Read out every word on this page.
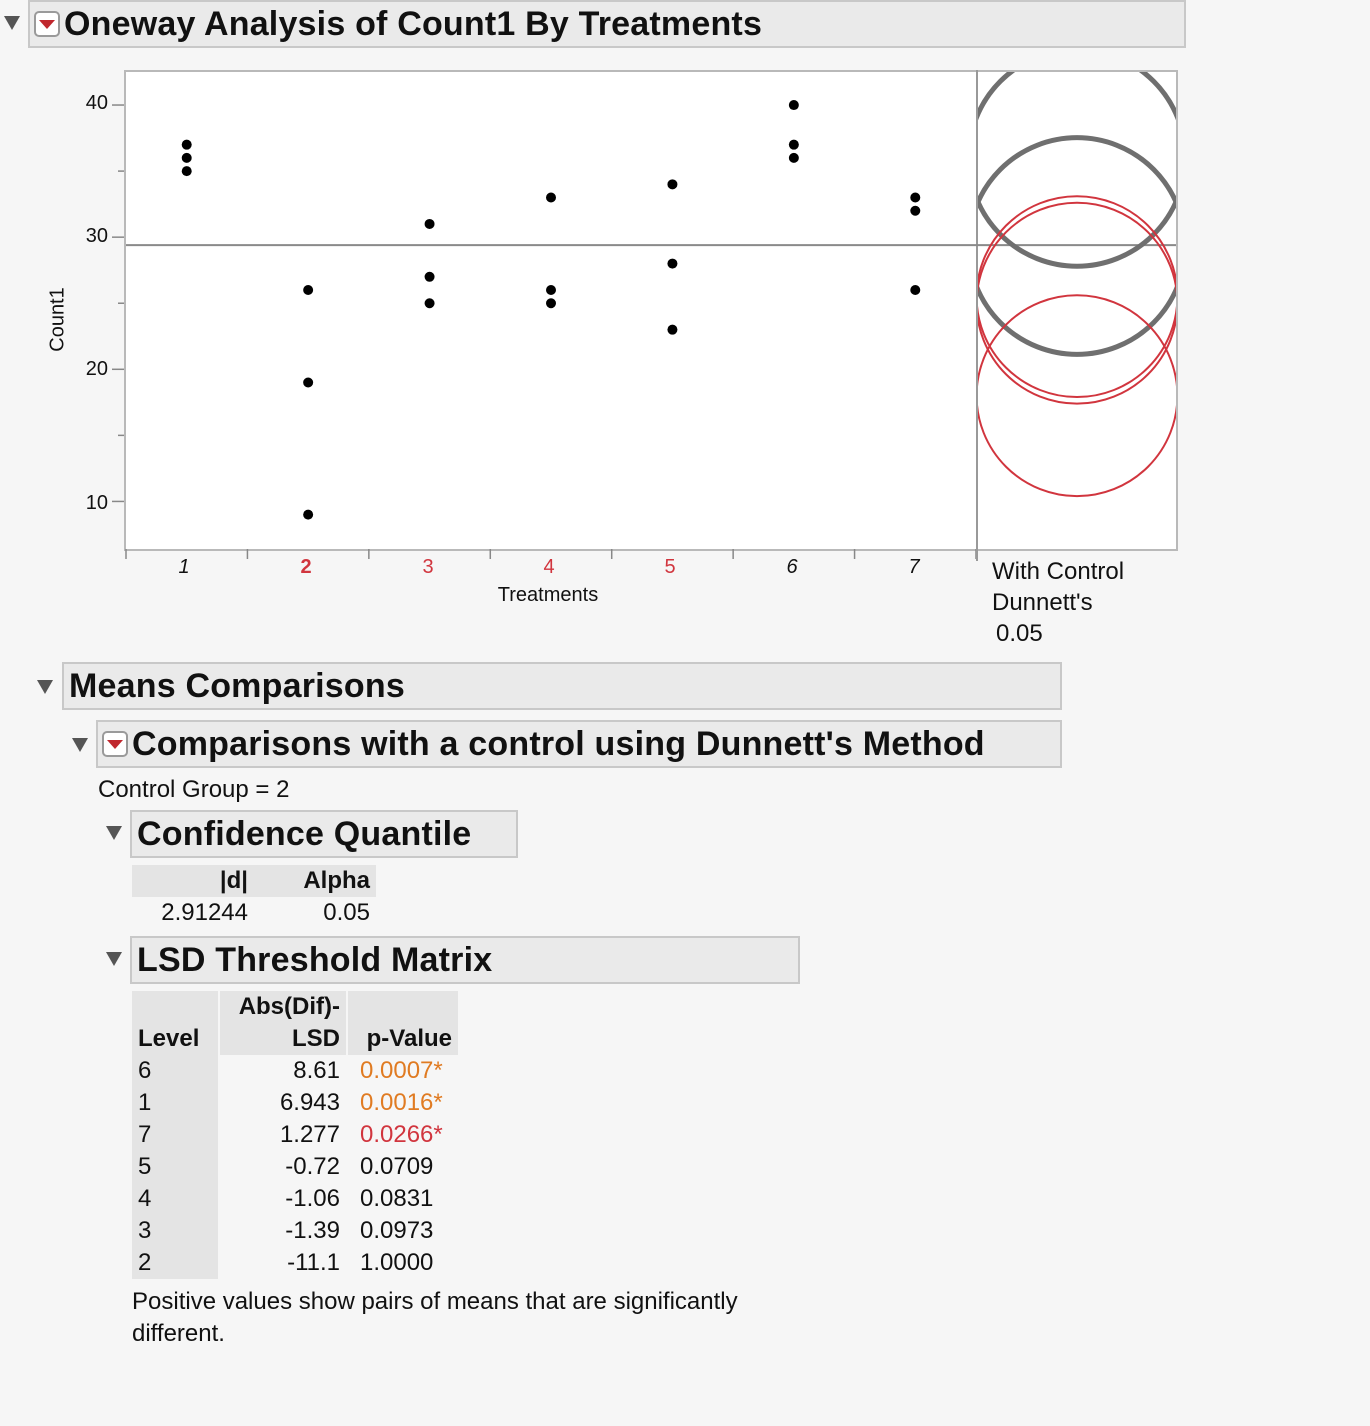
Oneway Analysis of Count1 By Treatments
Count1
40
30
20
10
1	2	3	4	5	6	7
Treatments
With Control
Dunnett's
0.05
Means Comparisons
Comparisons with a control using Dunnett's Method
Control Group = 2
Confidence Quantile
|d|		Alpha
2.91244		0.05
LSD Threshold Matrix
Level		Abs(Dif)-
LSD		p-Value
6		8.61		0.0007*
1		6.943		0.0016*
7		1.277		0.0266*
5		-0.72		0.0709
4		-1.06		0.0831
3		-1.39		0.0973
2		-11.1		1.0000
Positive values show pairs of means that are significantly different.
